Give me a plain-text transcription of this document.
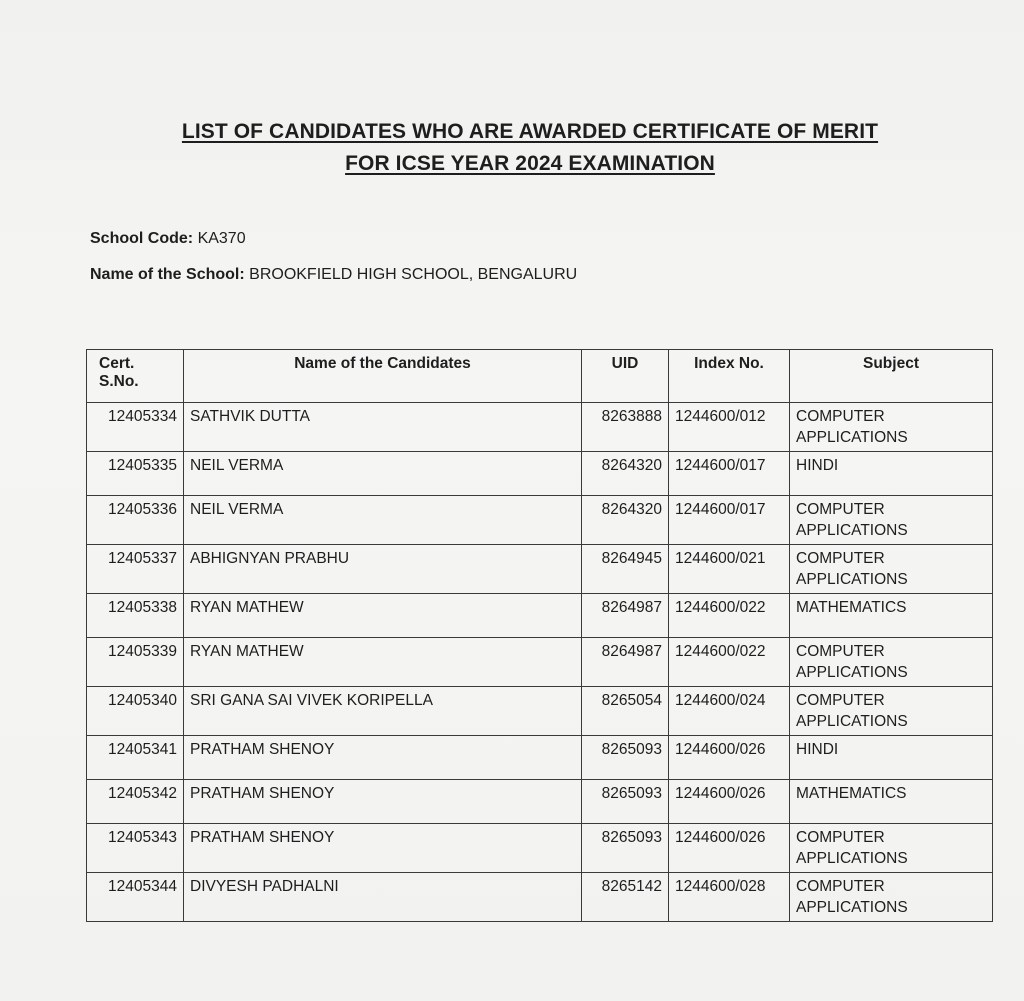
LIST OF CANDIDATES WHO ARE AWARDED CERTIFICATE OF MERIT
FOR ICSE YEAR 2024 EXAMINATION
School Code: KA370
Name of the School: BROOKFIELD HIGH SCHOOL, BENGALURU
Cert.
S.No.	Name of the Candidates	UID	Index No.	Subject
12405334	SATHVIK DUTTA	8263888	1244600/012	COMPUTER APPLICATIONS
12405335	NEIL VERMA	8264320	1244600/017	HINDI
12405336	NEIL VERMA	8264320	1244600/017	COMPUTER APPLICATIONS
12405337	ABHIGNYAN PRABHU	8264945	1244600/021	COMPUTER APPLICATIONS
12405338	RYAN MATHEW	8264987	1244600/022	MATHEMATICS
12405339	RYAN MATHEW	8264987	1244600/022	COMPUTER APPLICATIONS
12405340	SRI GANA SAI VIVEK KORIPELLA	8265054	1244600/024	COMPUTER APPLICATIONS
12405341	PRATHAM SHENOY	8265093	1244600/026	HINDI
12405342	PRATHAM SHENOY	8265093	1244600/026	MATHEMATICS
12405343	PRATHAM SHENOY	8265093	1244600/026	COMPUTER APPLICATIONS
12405344	DIVYESH PADHALNI	8265142	1244600/028	COMPUTER APPLICATIONS
